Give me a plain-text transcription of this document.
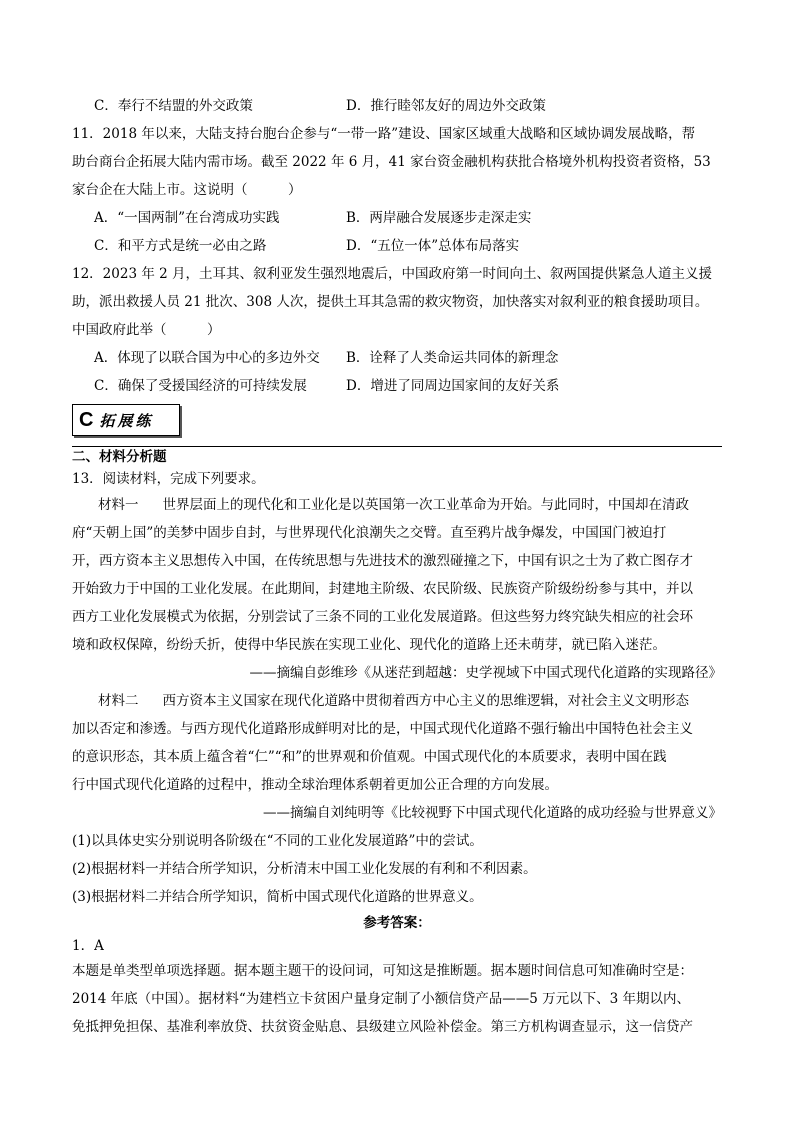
C．奉行不结盟的外交政策	D．推行睦邻友好的周边外交政策
11．2018 年以来，大陆支持台胞台企参与“一带一路”建设、国家区域重大战略和区域协调发展战略，帮
助台商台企拓展大陆内需市场。截至 2022 年 6 月，41 家台资金融机构获批合格境外机构投资者资格，53
家台企在大陆上市。这说明（　　　）
A．“一国两制”在台湾成功实践	B．两岸融合发展逐步走深走实
C．和平方式是统一必由之路	D．“五位一体”总体布局落实
12．2023 年 2 月，土耳其、叙利亚发生强烈地震后，中国政府第一时间向土、叙两国提供紧急人道主义援
助，派出救援人员 21 批次、308 人次，提供土耳其急需的救灾物资，加快落实对叙利亚的粮食援助项目。
中国政府此举（　　　）
A．体现了以联合国为中心的多边外交	B．诠释了人类命运共同体的新理念
C．确保了受援国经济的可持续发展	D．增进了同周边国家间的友好关系
C 拓展练
二、材料分析题
13．阅读材料，完成下列要求。
材料一 世界层面上的现代化和工业化是以英国第一次工业革命为开始。与此同时，中国却在清政
府“天朝上国”的美梦中固步自封，与世界现代化浪潮失之交臂。直至鸦片战争爆发，中国国门被迫打
开，西方资本主义思想传入中国，在传统思想与先进技术的激烈碰撞之下，中国有识之士为了救亡图存才
开始致力于中国的工业化发展。在此期间，封建地主阶级、农民阶级、民族资产阶级纷纷参与其中，并以
西方工业化发展模式为依据，分别尝试了三条不同的工业化发展道路。但这些努力终究缺失相应的社会环
境和政权保障，纷纷夭折，使得中华民族在实现工业化、现代化的道路上还未萌芽，就已陷入迷茫。
——摘编自彭维珍《从迷茫到超越：史学视域下中国式现代化道路的实现路径》
材料二 西方资本主义国家在现代化道路中贯彻着西方中心主义的思维逻辑，对社会主义文明形态
加以否定和渗透。与西方现代化道路形成鲜明对比的是，中国式现代化道路不强行输出中国特色社会主义
的意识形态，其本质上蕴含着“仁”“和”的世界观和价值观。中国式现代化的本质要求，表明中国在践
行中国式现代化道路的过程中，推动全球治理体系朝着更加公正合理的方向发展。
——摘编自刘纯明等《比较视野下中国式现代化道路的成功经验与世界意义》
(1)以具体史实分别说明各阶级在“不同的工业化发展道路”中的尝试。
(2)根据材料一并结合所学知识，分析清末中国工业化发展的有利和不利因素。
(3)根据材料二并结合所学知识，简析中国式现代化道路的世界意义。
参考答案：
1．A
本题是单类型单项选择题。据本题主题干的设问词，可知这是推断题。据本题时间信息可知准确时空是：
2014 年底（中国）。据材料“为建档立卡贫困户量身定制了小额信贷产品——5 万元以下、3 年期以内、
免抵押免担保、基准利率放贷、扶贫资金贴息、县级建立风险补偿金。第三方机构调查显示，这一信贷产
